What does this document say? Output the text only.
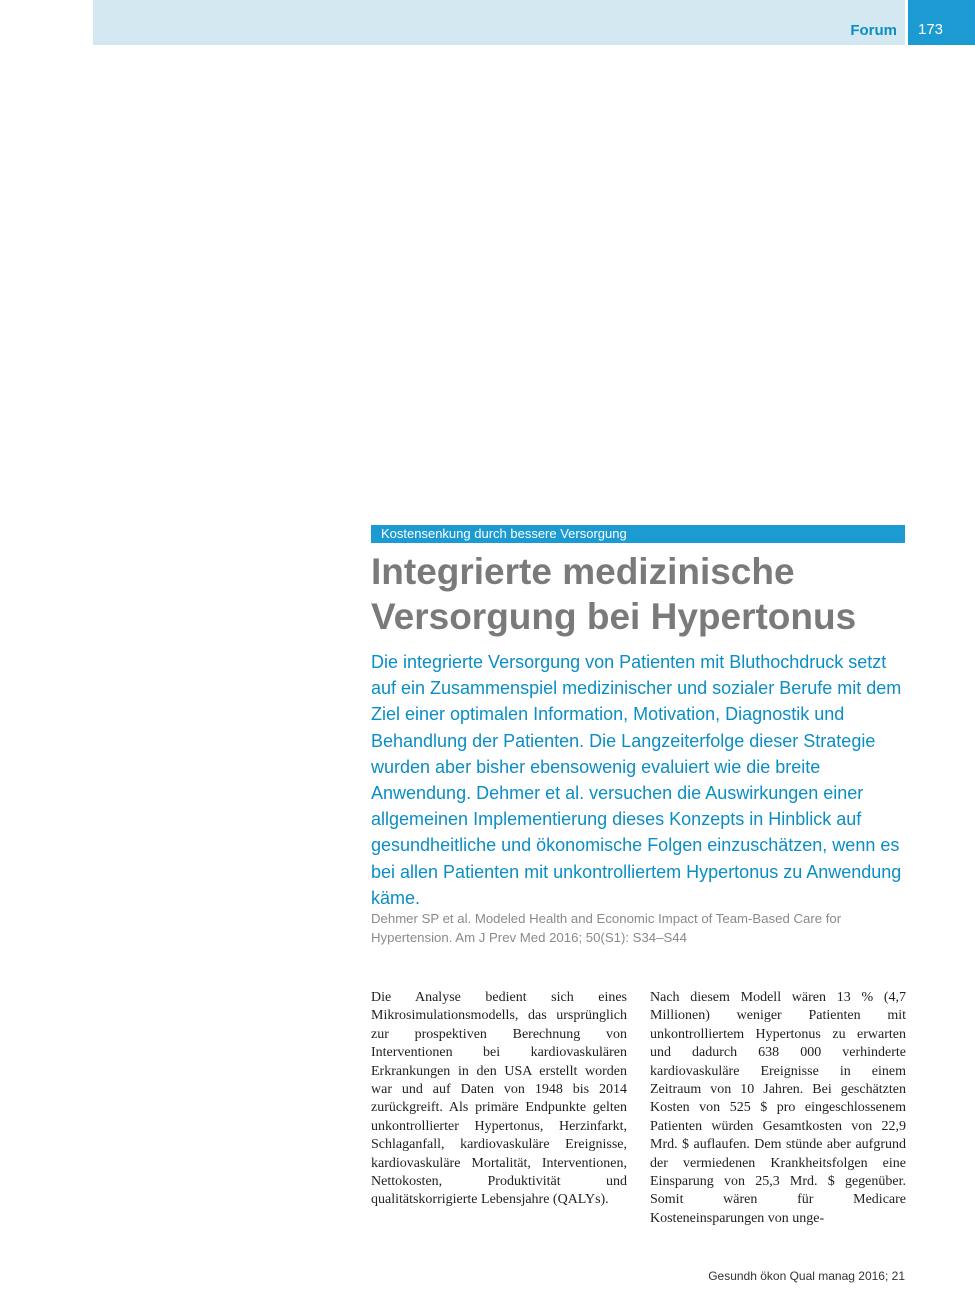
Forum 173
Kostensenkung durch bessere Versorgung
Integrierte medizinische
Versorgung bei Hypertonus

Die integrierte Versorgung von Patienten mit Bluthochdruck setzt auf ein Zusammenspiel medizinischer und sozialer Berufe mit dem Ziel einer optimalen Information, Motivation, Diagnostik und Behandlung der Patienten. Die Langzeiterfolge dieser Strategie wurden aber bisher ebensowenig evaluiert wie die breite Anwendung. Dehmer et al. versuchen die Auswirkungen einer allgemeinen Implementierung dieses Konzepts in Hinblick auf gesundheitliche und ökonomische Folgen einzuschätzen, wenn es bei allen Patienten mit unkontrolliertem Hypertonus zu Anwendung käme.

Dehmer SP et al. Modeled Health and Economic Impact of Team-Based Care for Hypertension. Am J Prev Med 2016; 50(S1): S34–S44

Die Analyse bedient sich eines Mikrosimulationsmodells, das ursprünglich zur prospektiven Berechnung von Interventionen bei kardiovaskulären Erkrankungen in den USA erstellt worden war und auf Daten von 1948 bis 2014 zurückgreift. Als primäre Endpunkte gelten unkontrollierter Hypertonus, Herzinfarkt, Schlaganfall, kardiovaskuläre Ereignisse, kardiovaskuläre Mortalität, Interventionen, Nettokosten, Produktivität und qualitätskorrigierte Lebensjahre (QALYs).

Nach diesem Modell wären 13 % (4,7 Millionen) weniger Patienten mit unkontrolliertem Hypertonus zu erwarten und dadurch 638 000 verhinderte kardiovaskuläre Ereignisse in einem Zeitraum von 10 Jahren. Bei geschätzten Kosten von 525 $ pro eingeschlossenem Patienten würden Gesamtkosten von 22,9 Mrd. $ auflaufen. Dem stünde aber aufgrund der vermiedenen Krankheitsfolgen eine Einsparung von 25,3 Mrd. $ gegenüber. Somit wären für Medicare Kosteneinsparungen von unge-

Gesundh ökon Qual manag 2016; 21
